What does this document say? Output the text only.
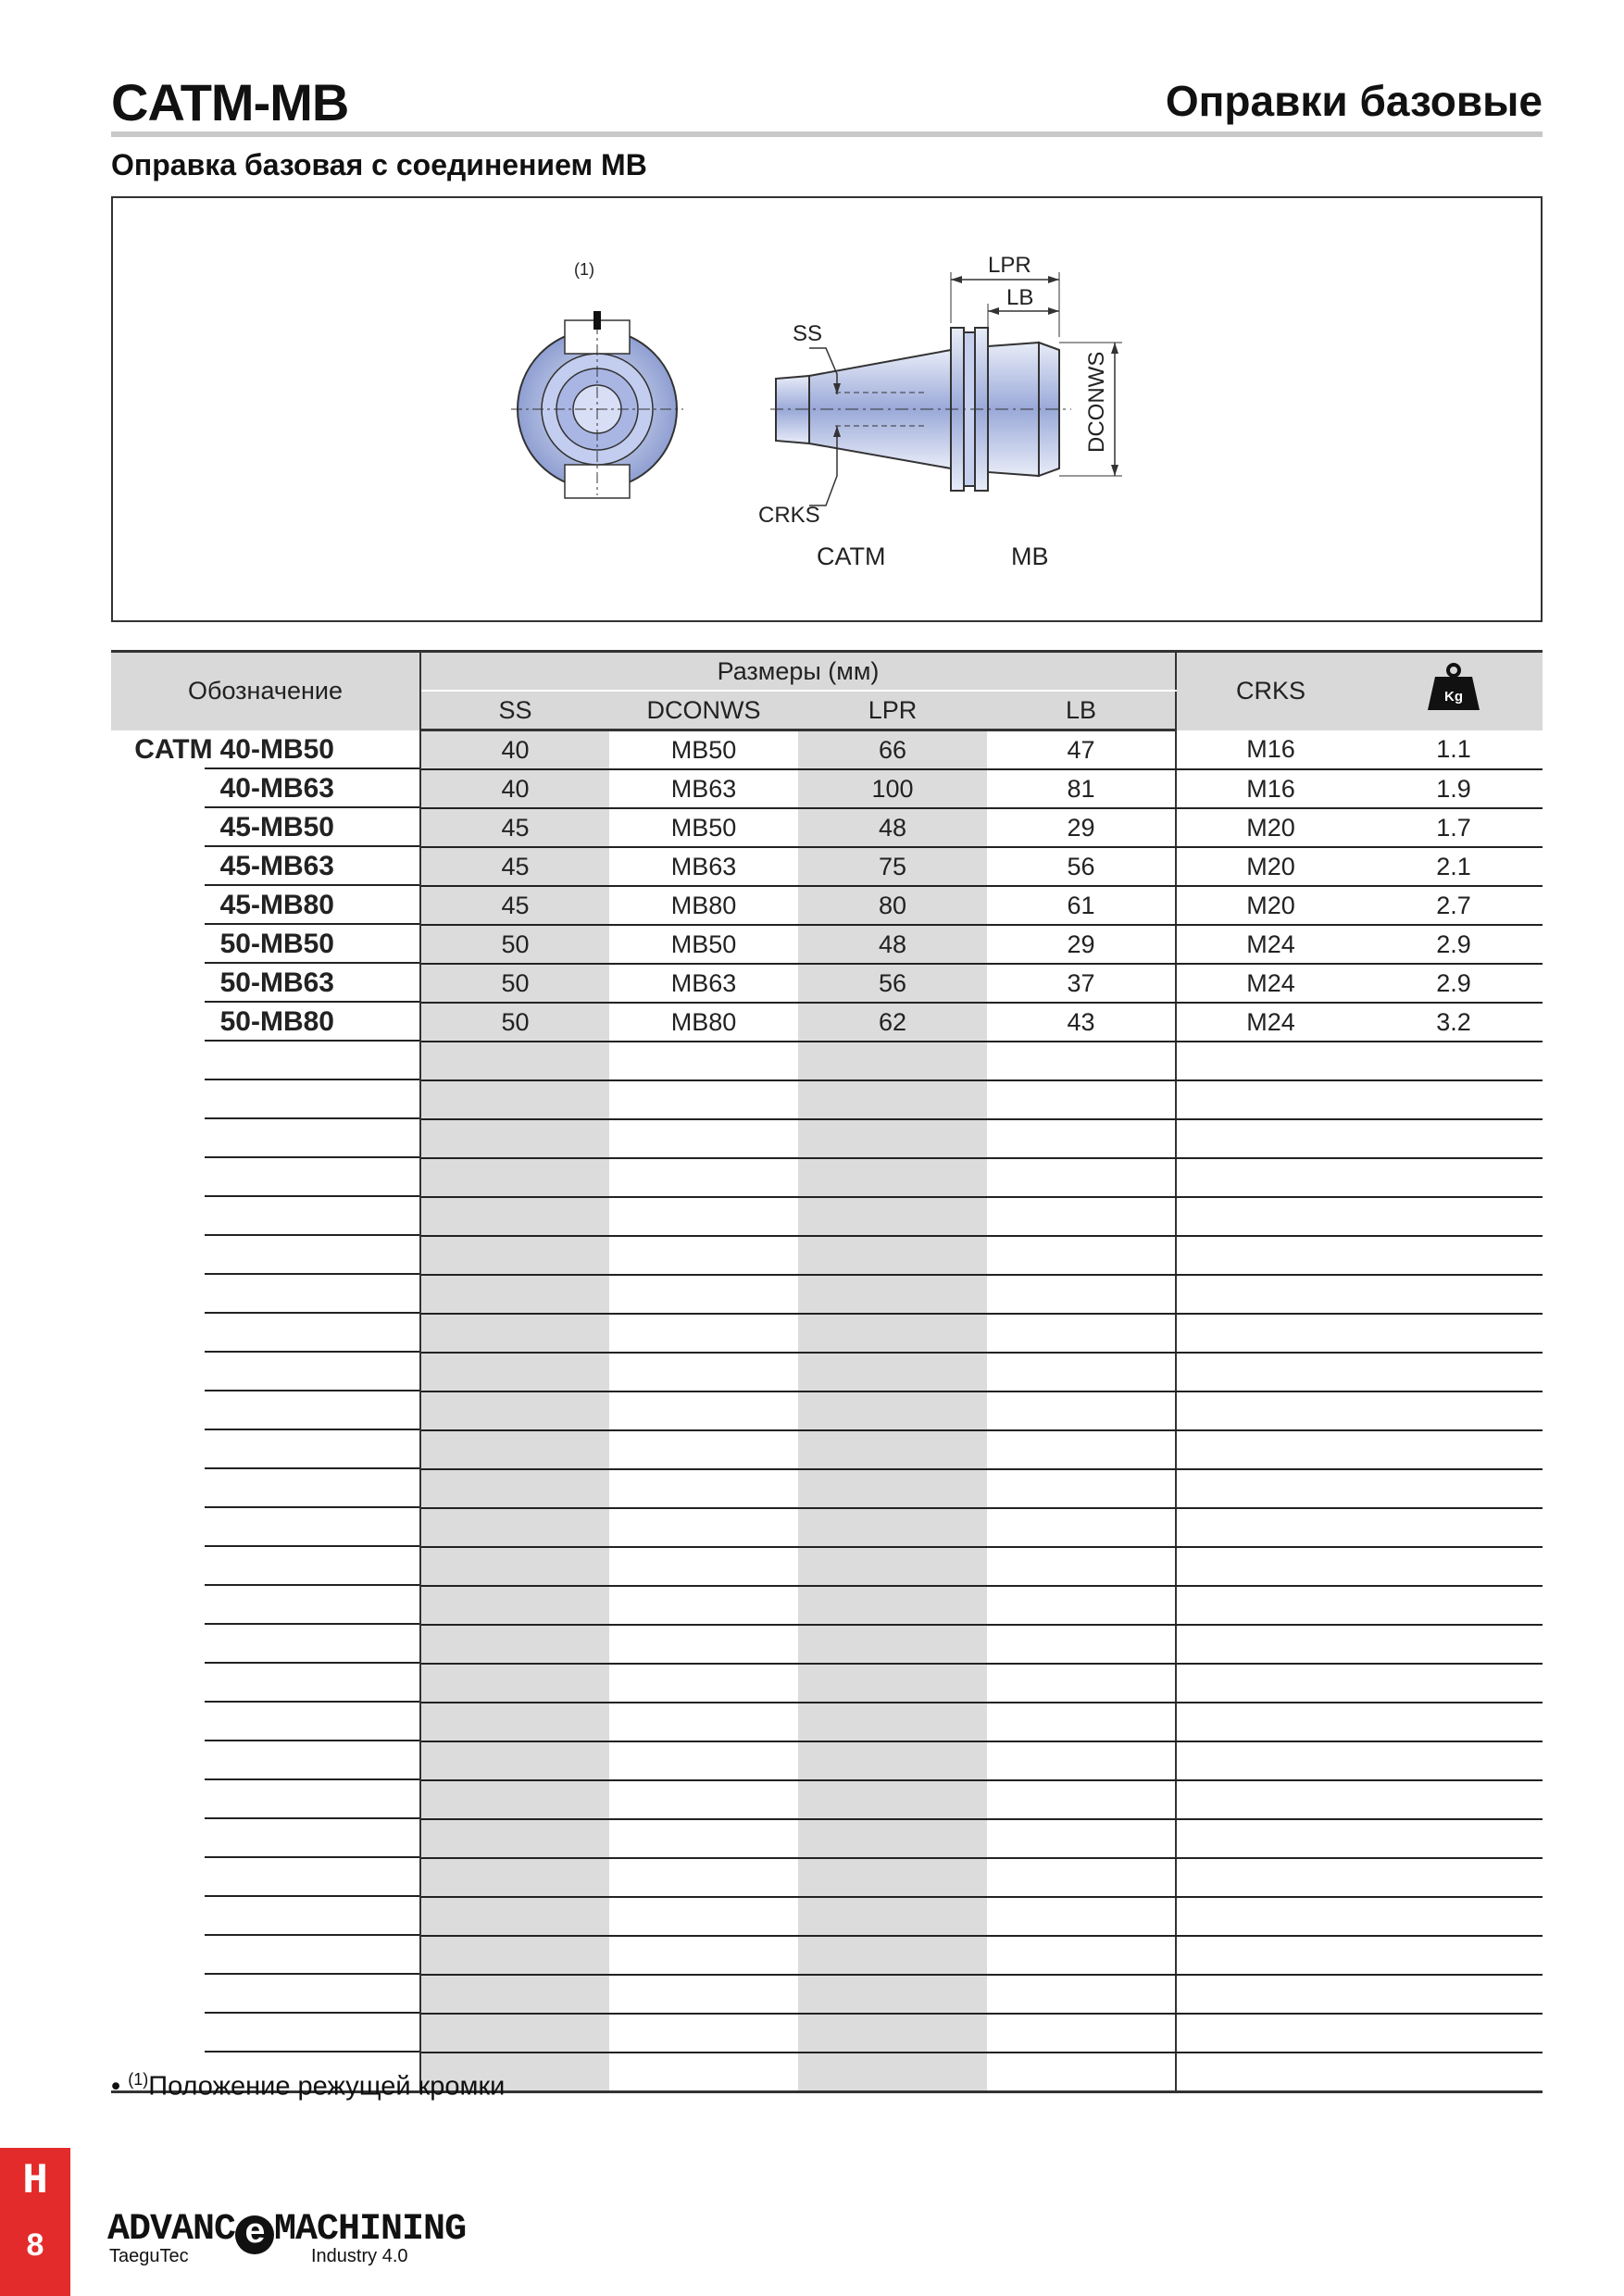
CATM-MB	Оправки базовые
Оправка базовая с соединением MB
(1)	LPR
LB
SS
DCONWS
CRKS
CATM	MB
Обозначение	Размеры (мм)				CRKS	Kg

	SS	DCONWS	LPR	LB		
CATM 40-MB50	40	MB50	66	47	M16	1.1
40-MB63	40	MB63	100	81	M16	1.9
45-MB50	45	MB50	48	29	M20	1.7
45-MB63	45	MB63	75	56	M20	2.1
45-MB80	45	MB80	80	61	M20	2.7
50-MB50	50	MB50	48	29	M24	2.9
50-MB63	50	MB63	56	37	M24	2.9
50-MB80	50	MB80	62	43	M24	3.2

• $^{(1)}$Положение режущей кромки
H
8	ADVANC e MACHINING
TaeguTec	Industry 4.0
